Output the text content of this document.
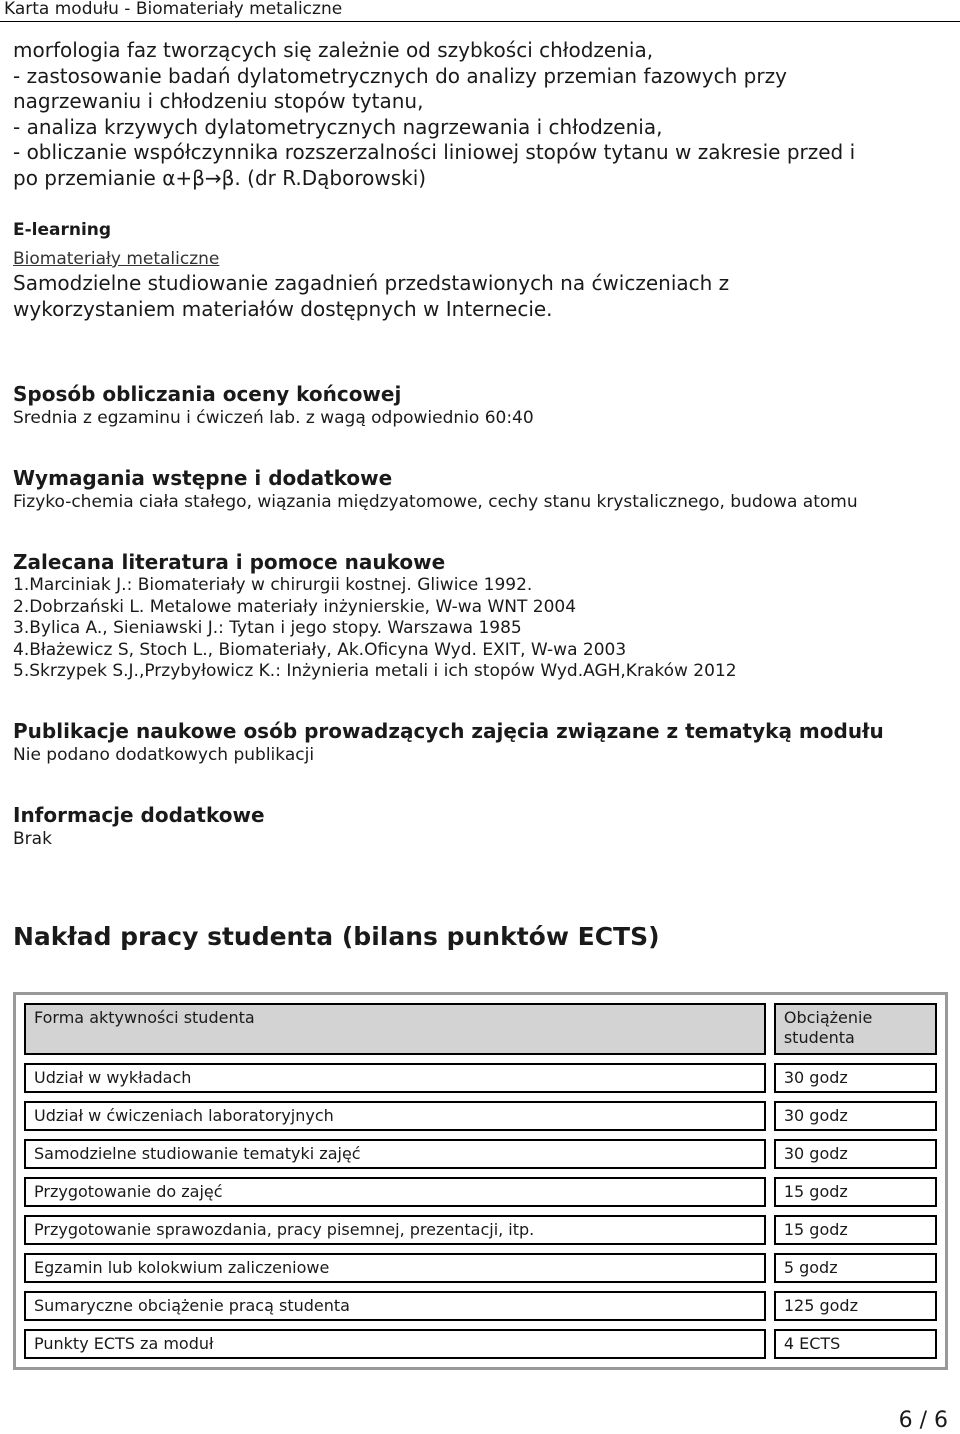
Karta modułu - Biomateriały metaliczne

morfologia faz tworzących się zależnie od szybkości chłodzenia,

- zastosowanie badań dylatometrycznych do analizy przemian fazowych przy

nagrzewaniu i chłodzeniu stopów tytanu,

- analiza krzywych dylatometrycznych nagrzewania i chłodzenia,

- obliczanie współczynnika rozszerzalności liniowej stopów tytanu w zakresie przed i

po przemianie α+β→β. (dr R.Dąborowski)

E-learning

Biomateriały metaliczne

Samodzielne studiowanie zagadnień przedstawionych na ćwiczeniach z

wykorzystaniem materiałów dostępnych w Internecie.

Sposób obliczania oceny końcowej

Srednia z egzaminu i ćwiczeń lab. z wagą odpowiednio 60:40

Wymagania wstępne i dodatkowe

Fizyko-chemia ciała stałego, wiązania międzyatomowe, cechy stanu krystalicznego, budowa atomu

Zalecana literatura i pomoce naukowe

1.Marciniak J.: Biomateriały w chirurgii kostnej. Gliwice 1992.

2.Dobrzański L. Metalowe materiały inżynierskie, W-wa WNT 2004

3.Bylica A., Sieniawski J.: Tytan i jego stopy. Warszawa 1985

4.Błażewicz S, Stoch L., Biomateriały, Ak.Oficyna Wyd. EXIT, W-wa 2003

5.Skrzypek S.J.,Przybyłowicz K.: Inżynieria metali i ich stopów Wyd.AGH,Kraków 2012

Publikacje naukowe osób prowadzących zajęcia związane z tematyką modułu

Nie podano dodatkowych publikacji

Informacje dodatkowe

Brak

Nakład pracy studenta (bilans punktów ECTS)

Forma aktywności studenta	Obciążenie studenta
Udział w wykładach	30 godz
Udział w ćwiczeniach laboratoryjnych	30 godz
Samodzielne studiowanie tematyki zajęć	30 godz
Przygotowanie do zajęć	15 godz
Przygotowanie sprawozdania, pracy pisemnej, prezentacji, itp.	15 godz
Egzamin lub kolokwium zaliczeniowe	5 godz
Sumaryczne obciążenie pracą studenta	125 godz
Punkty ECTS za moduł	4 ECTS
6 / 6
